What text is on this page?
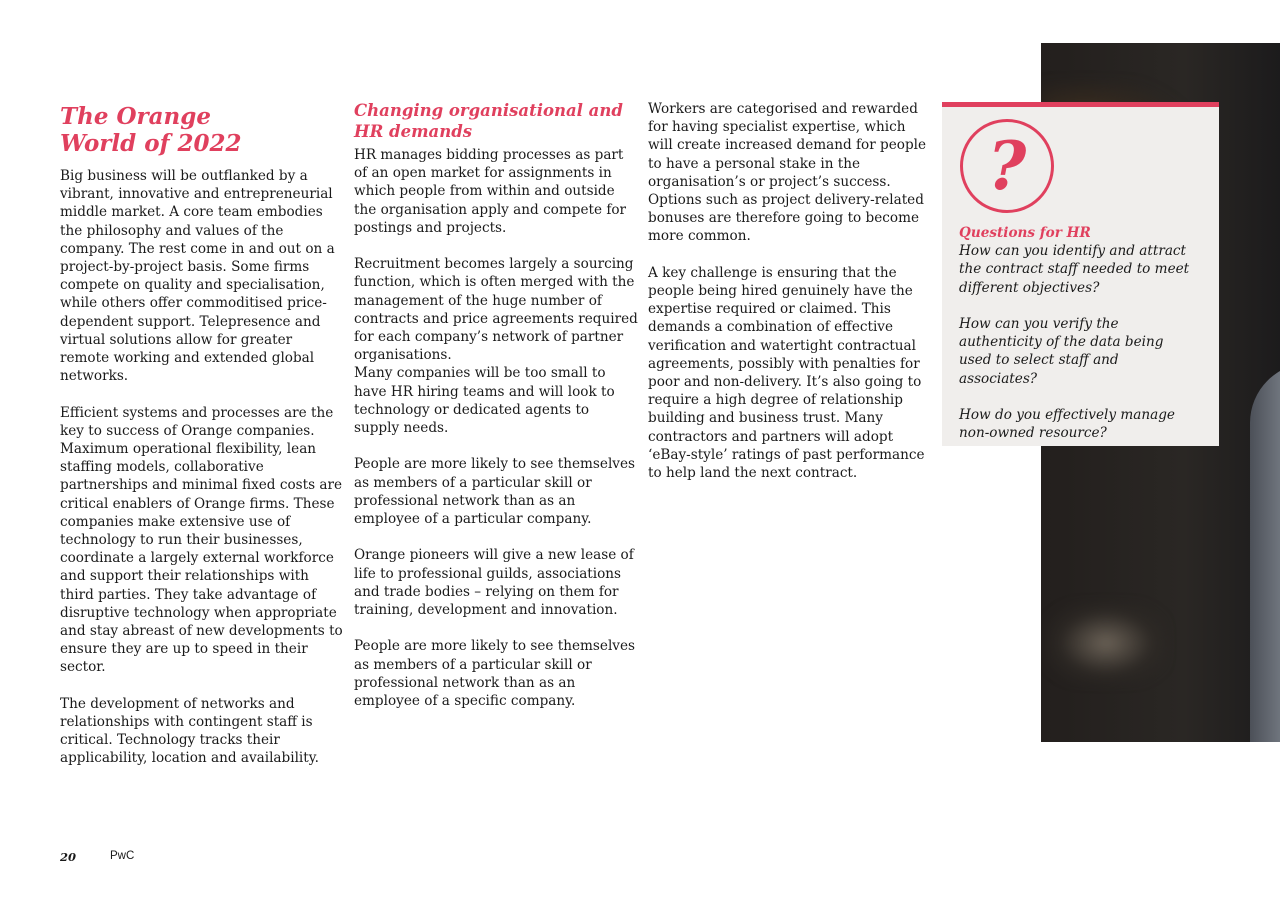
The Orange World of 2022

Big business will be outflanked by a vibrant, innovative and entrepreneurial middle market. A core team embodies the philosophy and values of the company. The rest come in and out on a project-by-project basis. Some firms compete on quality and specialisation, while others offer commoditised price-dependent support. Telepresence and virtual solutions allow for greater remote working and extended global networks.

Efficient systems and processes are the key to success of Orange companies. Maximum operational flexibility, lean staffing models, collaborative partnerships and minimal fixed costs are critical enablers of Orange firms. These companies make extensive use of technology to run their businesses, coordinate a largely external workforce and support their relationships with third parties. They take advantage of disruptive technology when appropriate and stay abreast of new developments to ensure they are up to speed in their sector.

The development of networks and relationships with contingent staff is critical. Technology tracks their applicability, location and availability.

Changing organisational and HR demands

HR manages bidding processes as part of an open market for assignments in which people from within and outside the organisation apply and compete for postings and projects.

Recruitment becomes largely a sourcing function, which is often merged with the management of the huge number of contracts and price agreements required for each company’s network of partner organisations.

Many companies will be too small to have HR hiring teams and will look to technology or dedicated agents to supply needs.

People are more likely to see themselves as members of a particular skill or professional network than as an employee of a particular company.

Orange pioneers will give a new lease of life to professional guilds, associations and trade bodies – relying on them for training, development and innovation.

People are more likely to see themselves as members of a particular skill or professional network than as an employee of a specific company.

Workers are categorised and rewarded for having specialist expertise, which will create increased demand for people to have a personal stake in the organisation’s or project’s success. Options such as project delivery-related bonuses are therefore going to become more common.

A key challenge is ensuring that the people being hired genuinely have the expertise required or claimed. This demands a combination of effective verification and watertight contractual agreements, possibly with penalties for poor and non-delivery. It’s also going to require a high degree of relationship building and business trust. Many contractors and partners will adopt ‘eBay-style’ ratings of past performance to help land the next contract.

?
Questions for HR

How can you identify and attract the contract staff needed to meet different objectives?

How can you verify the authenticity of the data being used to select staff and associates?

How do you effectively manage non-owned resource?

20	PwC
